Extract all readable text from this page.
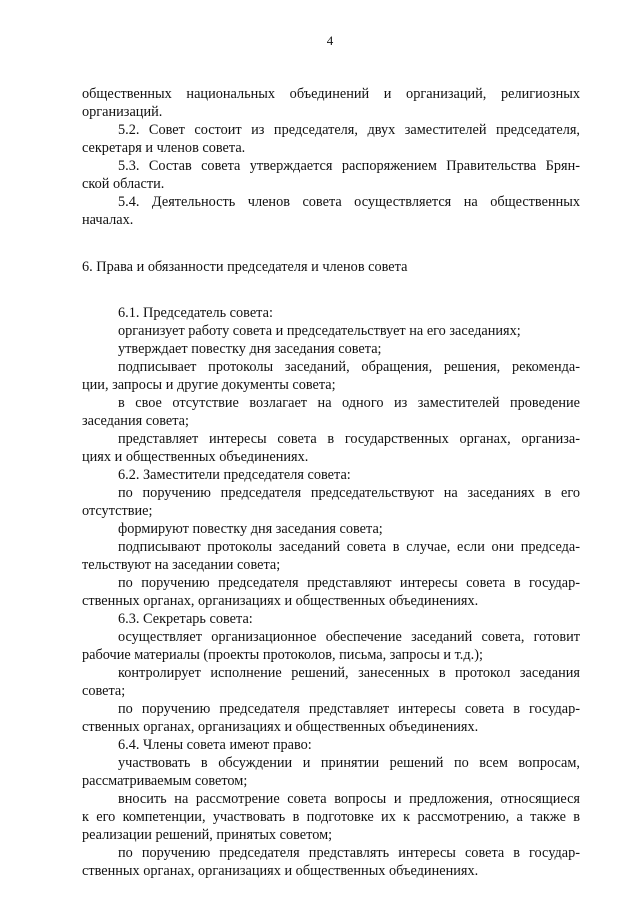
4
общественных национальных объединений и организаций, религиозных
организаций.
5.2. Совет состоит из председателя, двух заместителей председателя,
секретаря и членов совета.
5.3. Состав совета утверждается распоряжением Правительства Брян-
ской области.
5.4. Деятельность членов совета осуществляется на общественных
началах.
6. Права и обязанности председателя и членов совета
6.1. Председатель совета:
организует работу совета и председательствует на его заседаниях;
утверждает повестку дня заседания совета;
подписывает протоколы заседаний, обращения, решения, рекоменда-
ции, запросы и другие документы совета;
в свое отсутствие возлагает на одного из заместителей проведение
заседания совета;
представляет интересы совета в государственных органах, организа-
циях и общественных объединениях.
6.2. Заместители председателя совета:
по поручению председателя председательствуют на заседаниях в его
отсутствие;
формируют повестку дня заседания совета;
подписывают протоколы заседаний совета в случае, если они председа-
тельствуют на заседании совета;
по поручению председателя представляют интересы совета в государ-
ственных органах, организациях и общественных объединениях.
6.3. Секретарь совета:
осуществляет организационное обеспечение заседаний совета, готовит
рабочие материалы (проекты протоколов, письма, запросы и т.д.);
контролирует исполнение решений, занесенных в протокол заседания
совета;
по поручению председателя представляет интересы совета в государ-
ственных органах, организациях и общественных объединениях.
6.4. Члены совета имеют право:
участвовать в обсуждении и принятии решений по всем вопросам,
рассматриваемым советом;
вносить на рассмотрение совета вопросы и предложения, относящиеся
к его компетенции, участвовать в подготовке их к рассмотрению, а также в
реализации решений, принятых советом;
по поручению председателя представлять интересы совета в государ-
ственных органах, организациях и общественных объединениях.
